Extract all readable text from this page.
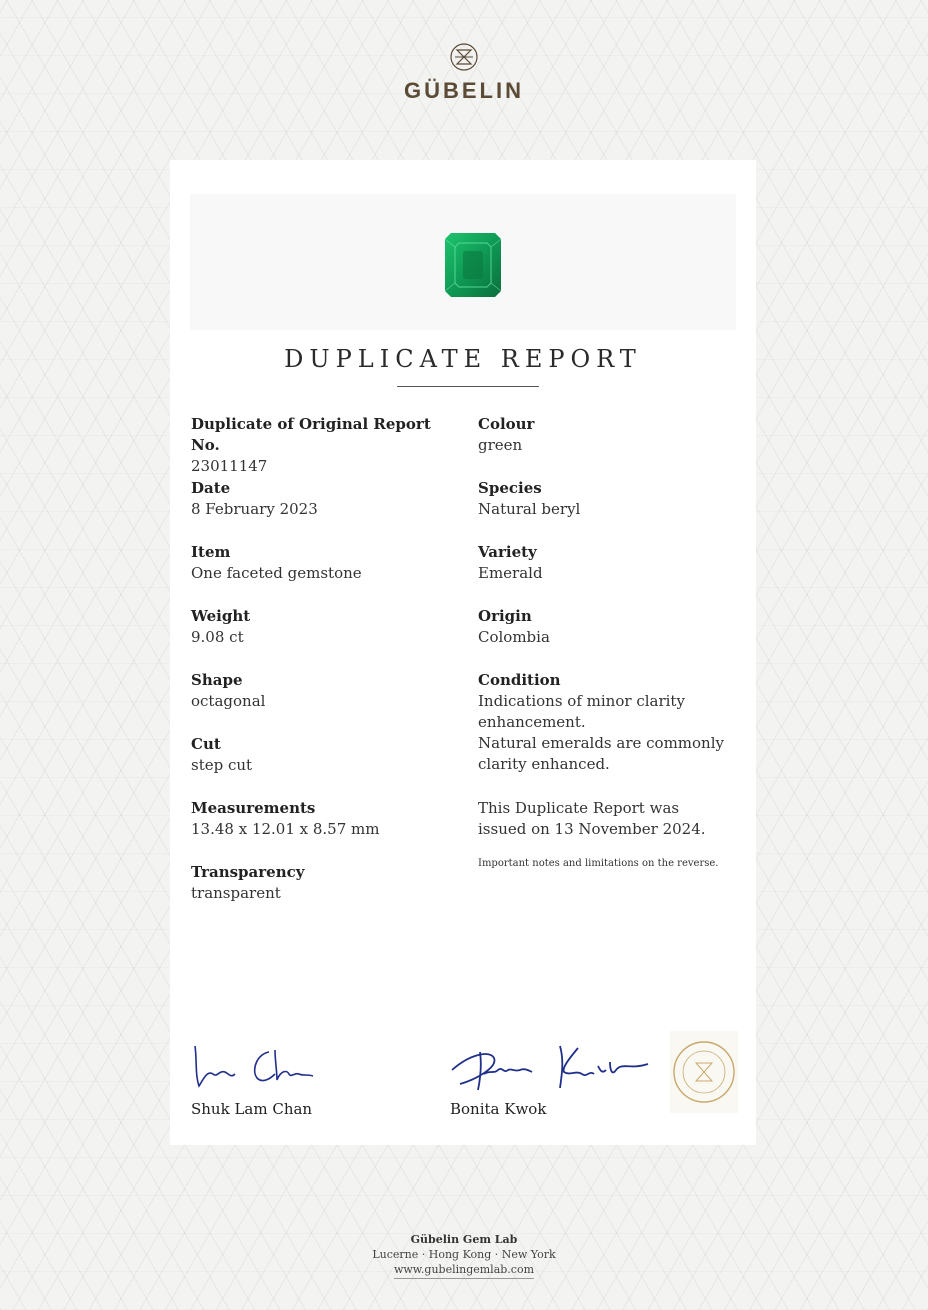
GÜBELIN
DUPLICATE REPORT
Duplicate of Original Report No.
23011147
Date
8 February 2023
Item
One faceted gemstone
Weight
9.08 ct
Shape
octagonal
Cut
step cut
Measurements
13.48 x 12.01 x 8.57 mm
Transparency
transparent
Colour
green
Species
Natural beryl
Variety
Emerald
Origin
Colombia
Condition
Indications of minor clarity
enhancement.
Natural emeralds are commonly
clarity enhanced.
This Duplicate Report was
issued on 13 November 2024.
Important notes and limitations on the reverse.
Shuk Lam Chan	Bonita Kwok
Gübelin Gem Lab
Lucerne · Hong Kong · New York
www.gubelingemlab.com
